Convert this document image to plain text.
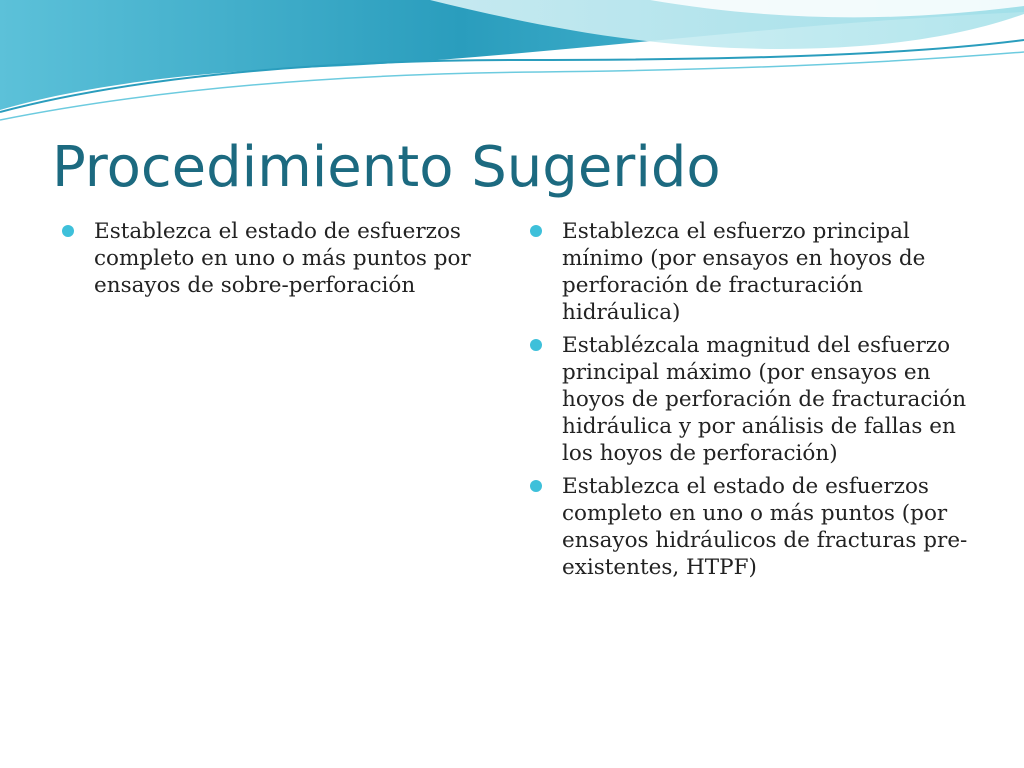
Procedimiento Sugerido
Establezca el estado de esfuerzos completo en uno o más puntos por ensayos de sobre-perforación
Establezca el esfuerzo principal mínimo (por ensayos en hoyos de perforación de fracturación hidráulica)
Establézcala magnitud del esfuerzo principal máximo (por ensayos en hoyos de perforación de fracturación hidráulica y por análisis de fallas en los hoyos de perforación)
Establezca el estado de esfuerzos completo en uno o más puntos (por ensayos hidráulicos de fracturas pre-existentes, HTPF)
